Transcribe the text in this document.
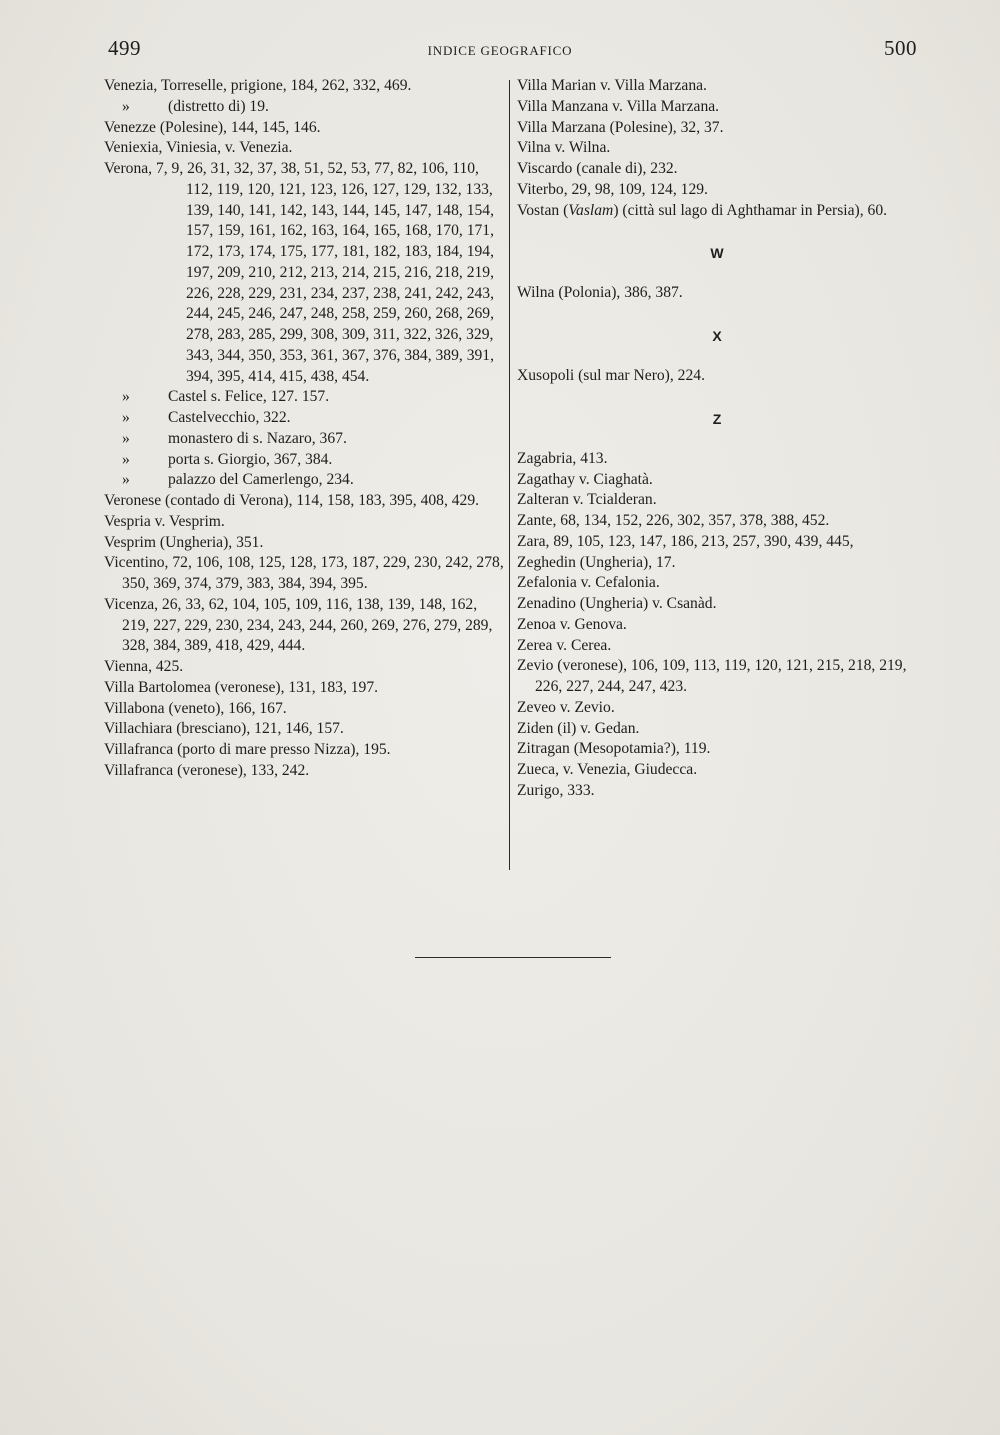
499	INDICE GEOGRAFICO	500
Venezia, Torreselle, prigione, 184, 262, 332, 469.
» (distretto di) 19.
Venezze (Polesine), 144, 145, 146.
Veniexia, Viniesia, v. Venezia.
Verona, 7, 9, 26, 31, 32, 37, 38, 51, 52, 53, 77, 82, 106, 110, 112, 119, 120, 121, 123, 126, 127, 129, 132, 133, 139, 140, 141, 142, 143, 144, 145, 147, 148, 154, 157, 159, 161, 162, 163, 164, 165, 168, 170, 171, 172, 173, 174, 175, 177, 181, 182, 183, 184, 194, 197, 209, 210, 212, 213, 214, 215, 216, 218, 219, 226, 228, 229, 231, 234, 237, 238, 241, 242, 243, 244, 245, 246, 247, 248, 258, 259, 260, 268, 269, 278, 283, 285, 299, 308, 309, 311, 322, 326, 329, 343, 344, 350, 353, 361, 367, 376, 384, 389, 391, 394, 395, 414, 415, 438, 454.
» Castel s. Felice, 127. 157.
» Castelvecchio, 322.
» monastero di s. Nazaro, 367.
» porta s. Giorgio, 367, 384.
» palazzo del Camerlengo, 234.
Veronese (contado di Verona), 114, 158, 183, 395, 408, 429.
Vespria v. Vesprim.
Vesprim (Ungheria), 351.
Vicentino, 72, 106, 108, 125, 128, 173, 187, 229, 230, 242, 278, 350, 369, 374, 379, 383, 384, 394, 395.
Vicenza, 26, 33, 62, 104, 105, 109, 116, 138, 139, 148, 162, 219, 227, 229, 230, 234, 243, 244, 260, 269, 276, 279, 289, 328, 384, 389, 418, 429, 444.
Vienna, 425.
Villa Bartolomea (veronese), 131, 183, 197.
Villabona (veneto), 166, 167.
Villachiara (bresciano), 121, 146, 157.
Villafranca (porto di mare presso Nizza), 195.
Villafranca (veronese), 133, 242.
Villa Marian v. Villa Marzana.
Villa Manzana v. Villa Marzana.
Villa Marzana (Polesine), 32, 37.
Vilna v. Wilna.
Viscardo (canale di), 232.
Viterbo, 29, 98, 109, 124, 129.
Vostan (Vaslam) (città sul lago di Aghthamar in Persia), 60.
W
Wilna (Polonia), 386, 387.
X
Xusopoli (sul mar Nero), 224.
Z
Zagabria, 413.
Zagathay v. Ciaghatà.
Zalteran v. Tcialderan.
Zante, 68, 134, 152, 226, 302, 357, 378, 388, 452.
Zara, 89, 105, 123, 147, 186, 213, 257, 390, 439, 445,
Zeghedin (Ungheria), 17.
Zefalonia v. Cefalonia.
Zenadino (Ungheria) v. Csanàd.
Zenoa v. Genova.
Zerea v. Cerea.
Zevio (veronese), 106, 109, 113, 119, 120, 121, 215, 218, 219, 226, 227, 244, 247, 423.
Zeveo v. Zevio.
Ziden (il) v. Gedan.
Zitragan (Mesopotamia?), 119.
Zueca, v. Venezia, Giudecca.
Zurigo, 333.
